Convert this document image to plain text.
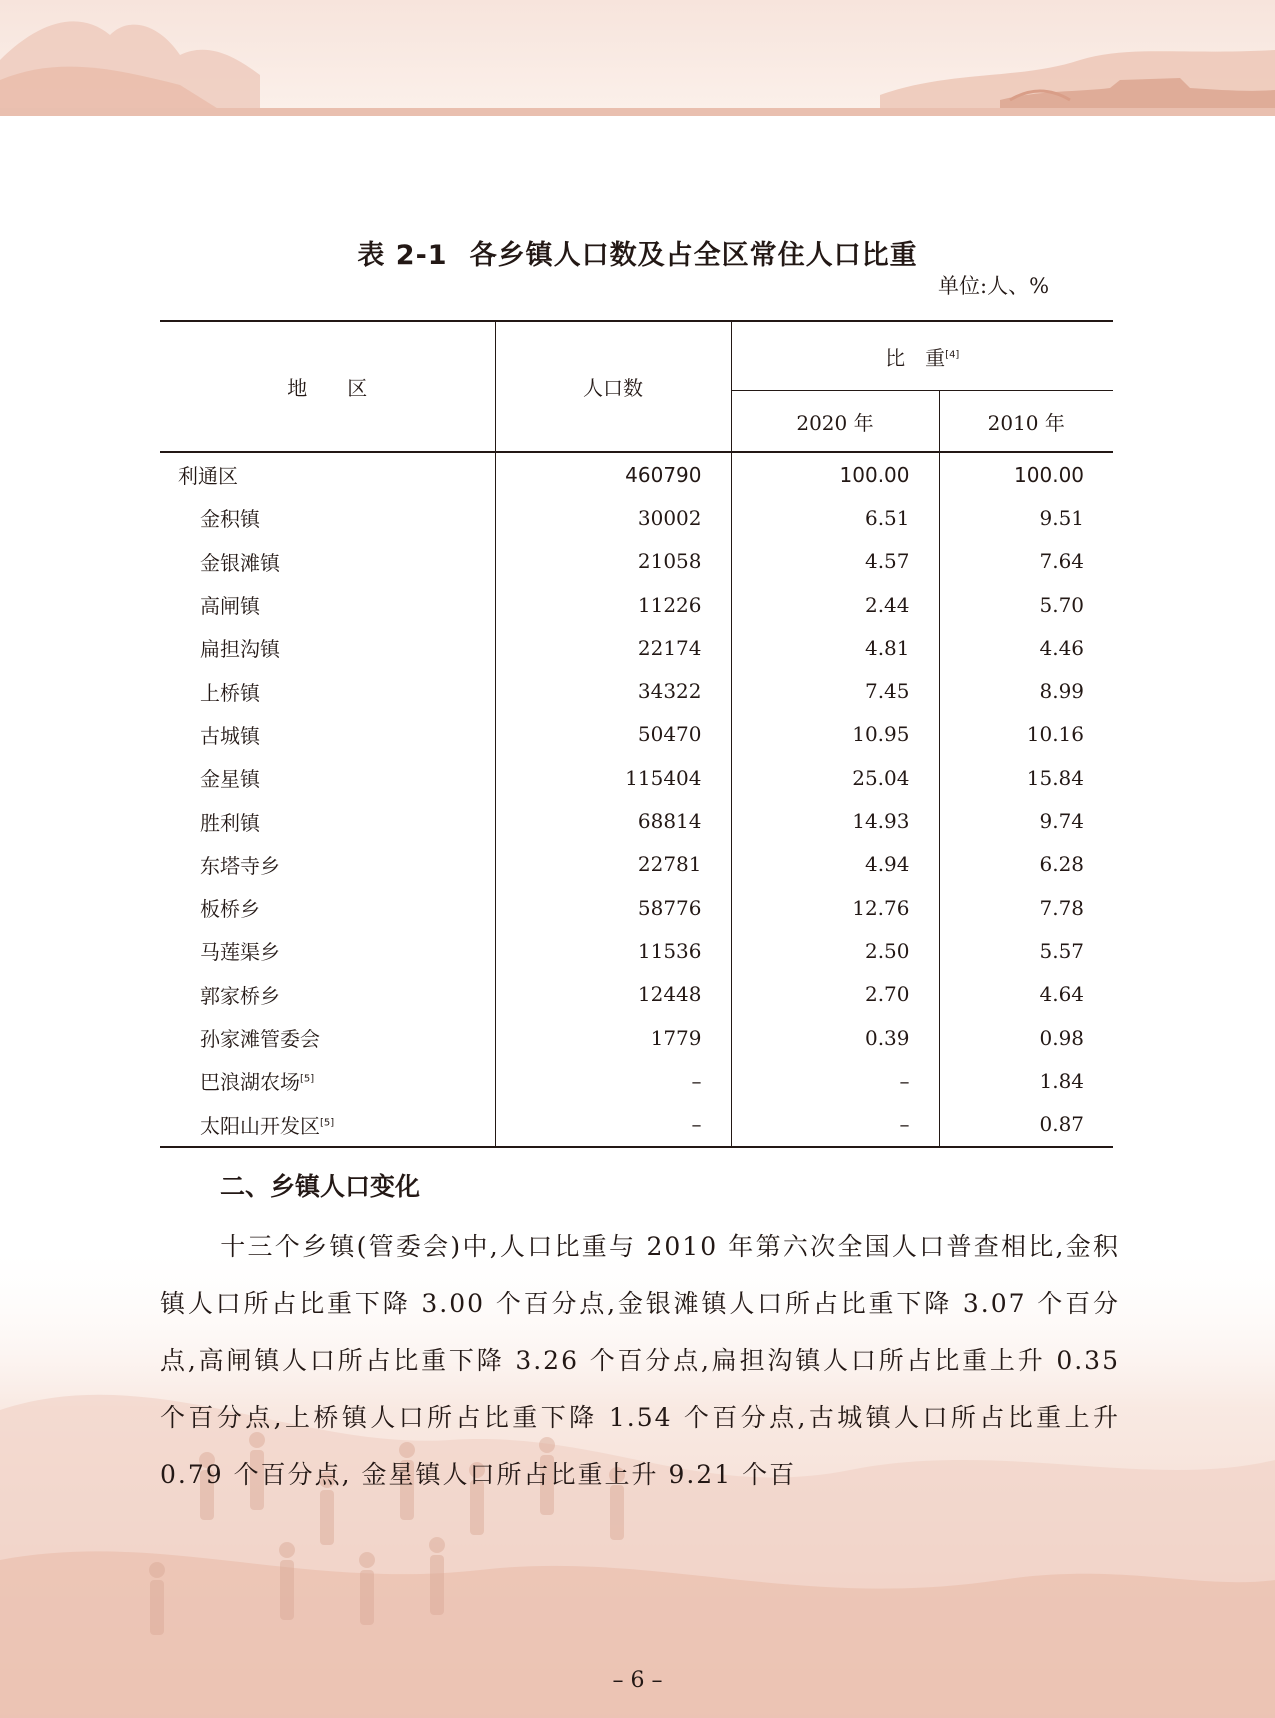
表 2-1 各乡镇人口数及占全区常住人口比重
单位:人、%
地　　区	人口数	比　重[4]
		2020 年	2010 年
利通区	460790	100.00	100.00
金积镇	30002	6.51	9.51
金银滩镇	21058	4.57	7.64
高闸镇	11226	2.44	5.70
扁担沟镇	22174	4.81	4.46
上桥镇	34322	7.45	8.99
古城镇	50470	10.95	10.16
金星镇	115404	25.04	15.84
胜利镇	68814	14.93	9.74
东塔寺乡	22781	4.94	6.28
板桥乡	58776	12.76	7.78
马莲渠乡	11536	2.50	5.57
郭家桥乡	12448	2.70	4.64
孙家滩管委会	1779	0.39	0.98
巴浪湖农场[5]	–	–	1.84
太阳山开发区[5]	–	–	0.87
二、乡镇人口变化
十三个乡镇(管委会)中,人口比重与 2010 年第六次全国人口普查相比,金积镇人口所占比重下降 3.00 个百分点,金银滩镇人口所占比重下降 3.07 个百分点,高闸镇人口所占比重下降 3.26 个百分点,扁担沟镇人口所占比重上升 0.35 个百分点,上桥镇人口所占比重下降 1.54 个百分点,古城镇人口所占比重上升 0.79 个百分点, 金星镇人口所占比重上升 9.21 个百
– 6 –
